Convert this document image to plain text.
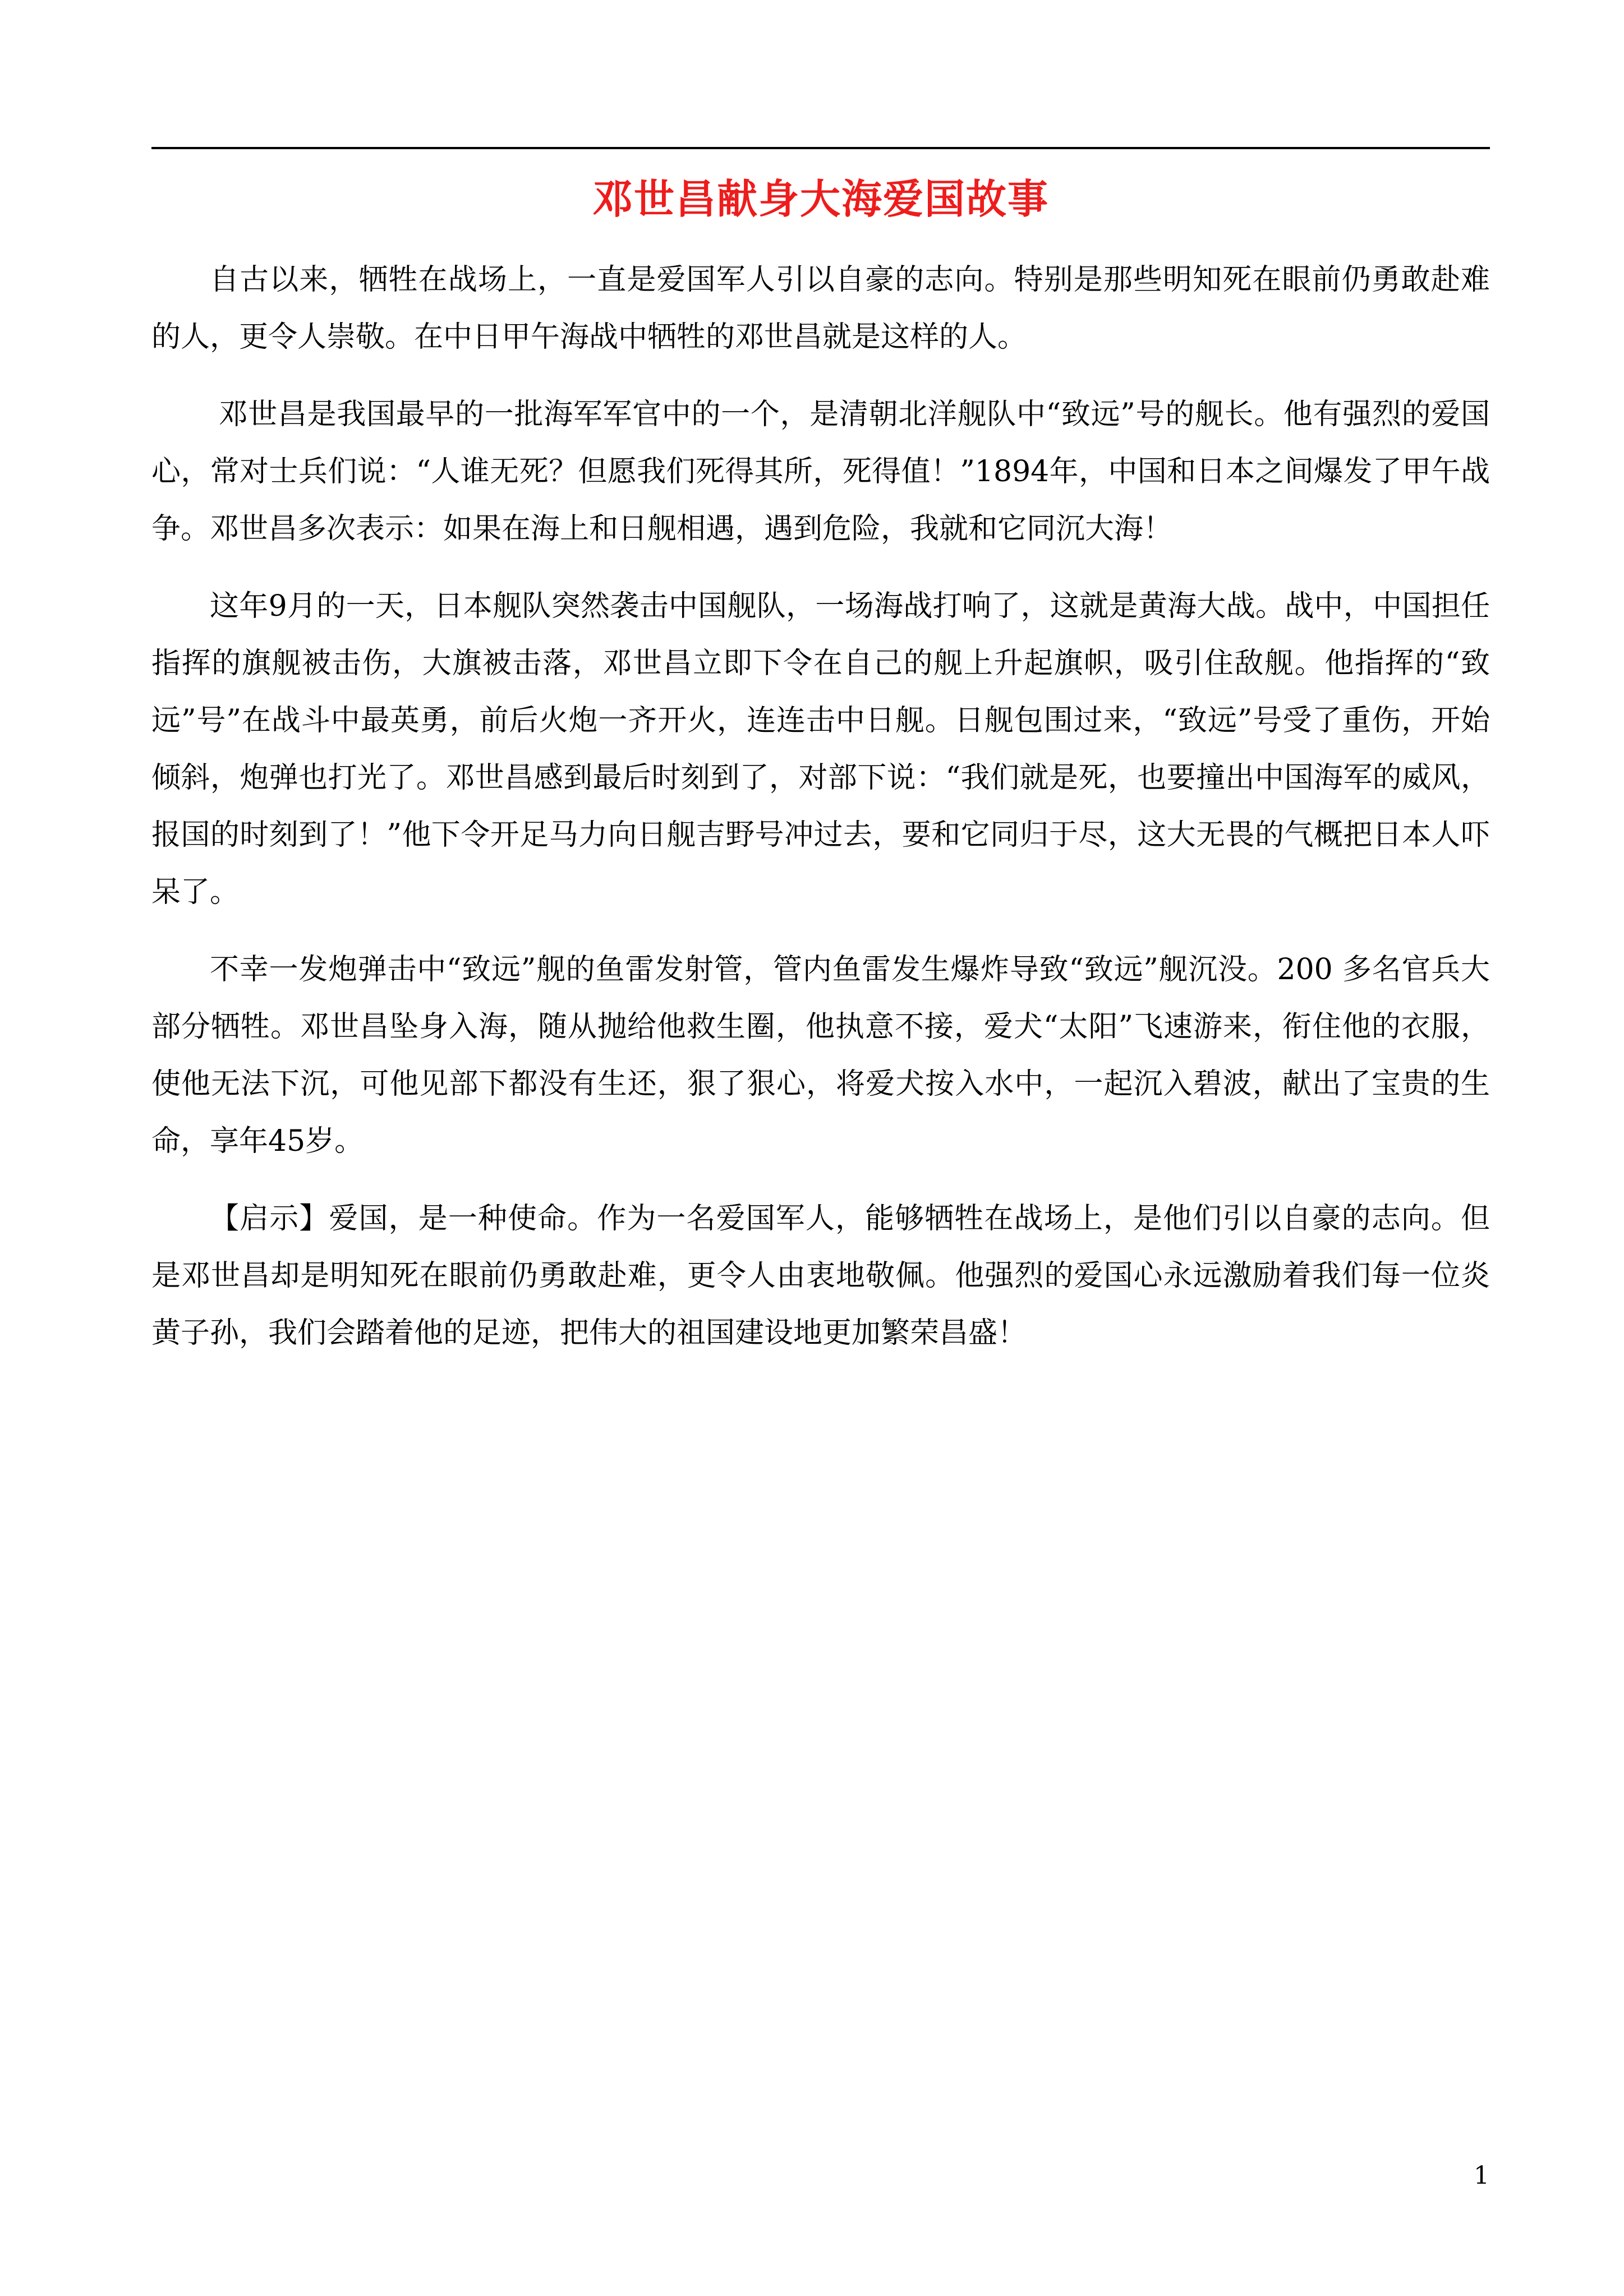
邓世昌献身大海爱国故事

自古以来，牺牲在战场上，一直是爱国军人引以自豪的志向。特别是那些明知死在眼前仍勇敢赴难的人，更令人崇敬。在中日甲午海战中牺牲的邓世昌就是这样的人。

邓世昌是我国最早的一批海军军官中的一个，是清朝北洋舰队中“致远”号的舰长。他有强烈的爱国心，常对士兵们说：“人谁无死？但愿我们死得其所，死得值！”1894年，中国和日本之间爆发了甲午战争。邓世昌多次表示：如果在海上和日舰相遇，遇到危险，我就和它同沉大海！

这年9月的一天，日本舰队突然袭击中国舰队，一场海战打响了，这就是黄海大战。战中，中国担任指挥的旗舰被击伤，大旗被击落，邓世昌立即下令在自己的舰上升起旗帜，吸引住敌舰。他指挥的“致远”号”在战斗中最英勇，前后火炮一齐开火，连连击中日舰。日舰包围过来，“致远”号受了重伤，开始倾斜，炮弹也打光了。邓世昌感到最后时刻到了，对部下说：“我们就是死，也要撞出中国海军的威风，报国的时刻到了！”他下令开足马力向日舰吉野号冲过去，要和它同归于尽，这大无畏的气概把日本人吓呆了。

不幸一发炮弹击中“致远”舰的鱼雷发射管，管内鱼雷发生爆炸导致“致远”舰沉没。200 多名官兵大部分牺牲。邓世昌坠身入海，随从抛给他救生圈，他执意不接，爱犬“太阳”飞速游来，衔住他的衣服，使他无法下沉，可他见部下都没有生还，狠了狠心，将爱犬按入水中，一起沉入碧波，献出了宝贵的生命，享年45岁。

【启示】爱国，是一种使命。作为一名爱国军人，能够牺牲在战场上，是他们引以自豪的志向。但是邓世昌却是明知死在眼前仍勇敢赴难，更令人由衷地敬佩。他强烈的爱国心永远激励着我们每一位炎黄子孙，我们会踏着他的足迹，把伟大的祖国建设地更加繁荣昌盛！

1
